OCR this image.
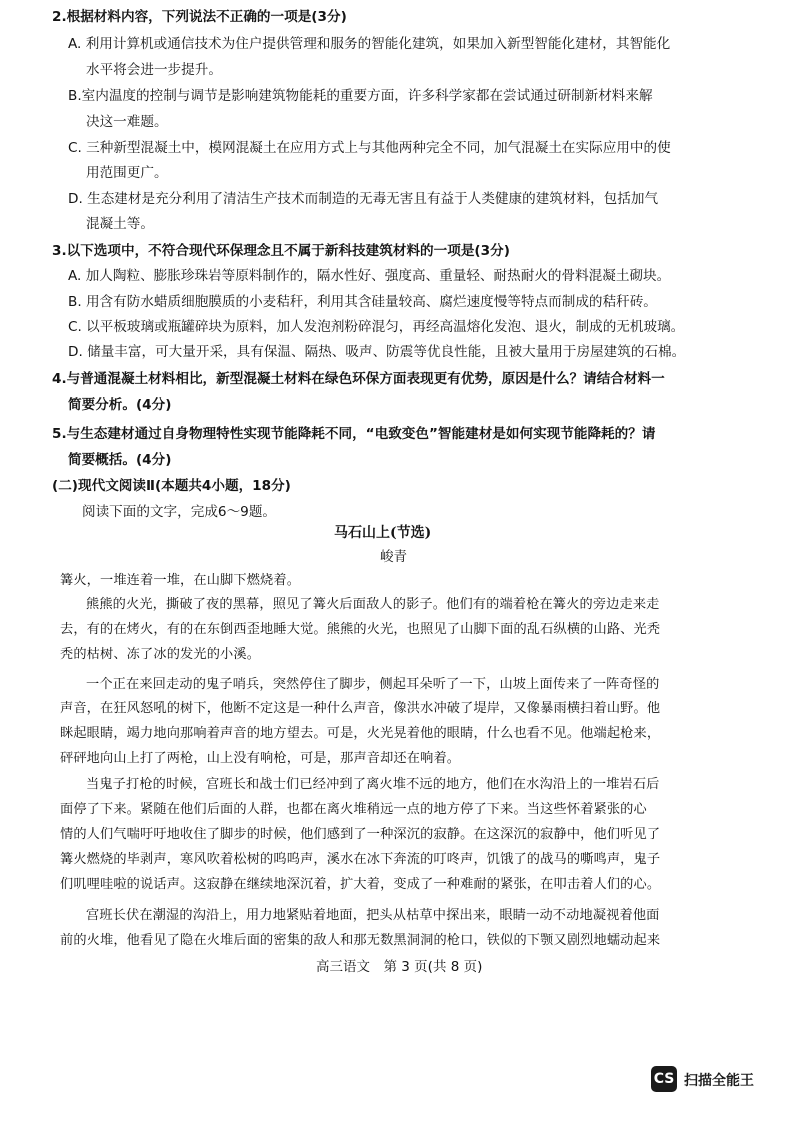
2.根据材料内容，下列说法不正确的一项是(3分)
A. 利用计算机或通信技术为住户提供管理和服务的智能化建筑，如果加入新型智能化建材，其智能化
水平将会进一步提升。
B.室内温度的控制与调节是影响建筑物能耗的重要方面，许多科学家都在尝试通过研制新材料来解
决这一难题。
C. 三种新型混凝土中，模网混凝土在应用方式上与其他两种完全不同，加气混凝土在实际应用中的使
用范围更广。
D. 生态建材是充分利用了清洁生产技术而制造的无毒无害且有益于人类健康的建筑材料，包括加气
混凝土等。
3.以下选项中，不符合现代环保理念且不属于新科技建筑材料的一项是(3分)
A. 加人陶粒、膨胀珍珠岩等原料制作的，隔水性好、强度高、重量轻、耐热耐火的骨料混凝土砌块。
B. 用含有防水蜡质细胞膜质的小麦秸秆，利用其含硅量较高、腐烂速度慢等特点而制成的秸秆砖。
C. 以平板玻璃或瓶罐碎块为原料，加人发泡剂粉碎混匀，再经高温熔化发泡、退火，制成的无机玻璃。
D. 储量丰富，可大量开采，具有保温、隔热、吸声、防震等优良性能，且被大量用于房屋建筑的石棉。
4.与普通混凝土材料相比，新型混凝土材料在绿色环保方面表现更有优势，原因是什么？请结合材料一
简要分析。(4分)
5.与生态建材通过自身物理特性实现节能降耗不同，“电致变色”智能建材是如何实现节能降耗的？请
简要概括。(4分)
(二)现代文阅读Ⅱ(本题共4小题，18分)
阅读下面的文字，完成6～9题。
马石山上(节选)
峻青
篝火，一堆连着一堆，在山脚下燃烧着。
熊熊的火光，撕破了夜的黑幕，照见了篝火后面敌人的影子。他们有的端着枪在篝火的旁边走来走
去，有的在烤火，有的在东倒西歪地睡大觉。熊熊的火光，也照见了山脚下面的乱石纵横的山路、光秃
秃的枯树、冻了冰的发光的小溪。
一个正在来回走动的鬼子哨兵，突然停住了脚步，侧起耳朵听了一下，山坡上面传来了一阵奇怪的
声音，在狂风怒吼的树下，他断不定这是一种什么声音，像洪水冲破了堤岸，又像暴雨横扫着山野。他
眯起眼睛，竭力地向那响着声音的地方望去。可是，火光晃着他的眼睛，什么也看不见。他端起枪来，
砰砰地向山上打了两枪，山上没有响枪，可是，那声音却还在响着。
当鬼子打枪的时候，宫班长和战士们已经冲到了离火堆不远的地方，他们在水沟沿上的一堆岩石后
面停了下来。紧随在他们后面的人群，也都在离火堆稍远一点的地方停了下来。当这些怀着紧张的心
情的人们气喘吁吁地收住了脚步的时候，他们感到了一种深沉的寂静。在这深沉的寂静中，他们听见了
篝火燃烧的毕剥声，寒风吹着松树的呜呜声，溪水在冰下奔流的叮咚声，饥饿了的战马的嘶鸣声，鬼子
们叽哩哇啦的说话声。这寂静在继续地深沉着，扩大着，变成了一种难耐的紧张，在叩击着人们的心。
宫班长伏在潮湿的沟沿上，用力地紧贴着地面，把头从枯草中探出来，眼睛一动不动地凝视着他面
前的火堆，他看见了隐在火堆后面的密集的敌人和那无数黑洞洞的枪口，铁似的下颚又剧烈地蠕动起来
高三语文　第 3 页(共 8 页)
CS 扫描全能王
